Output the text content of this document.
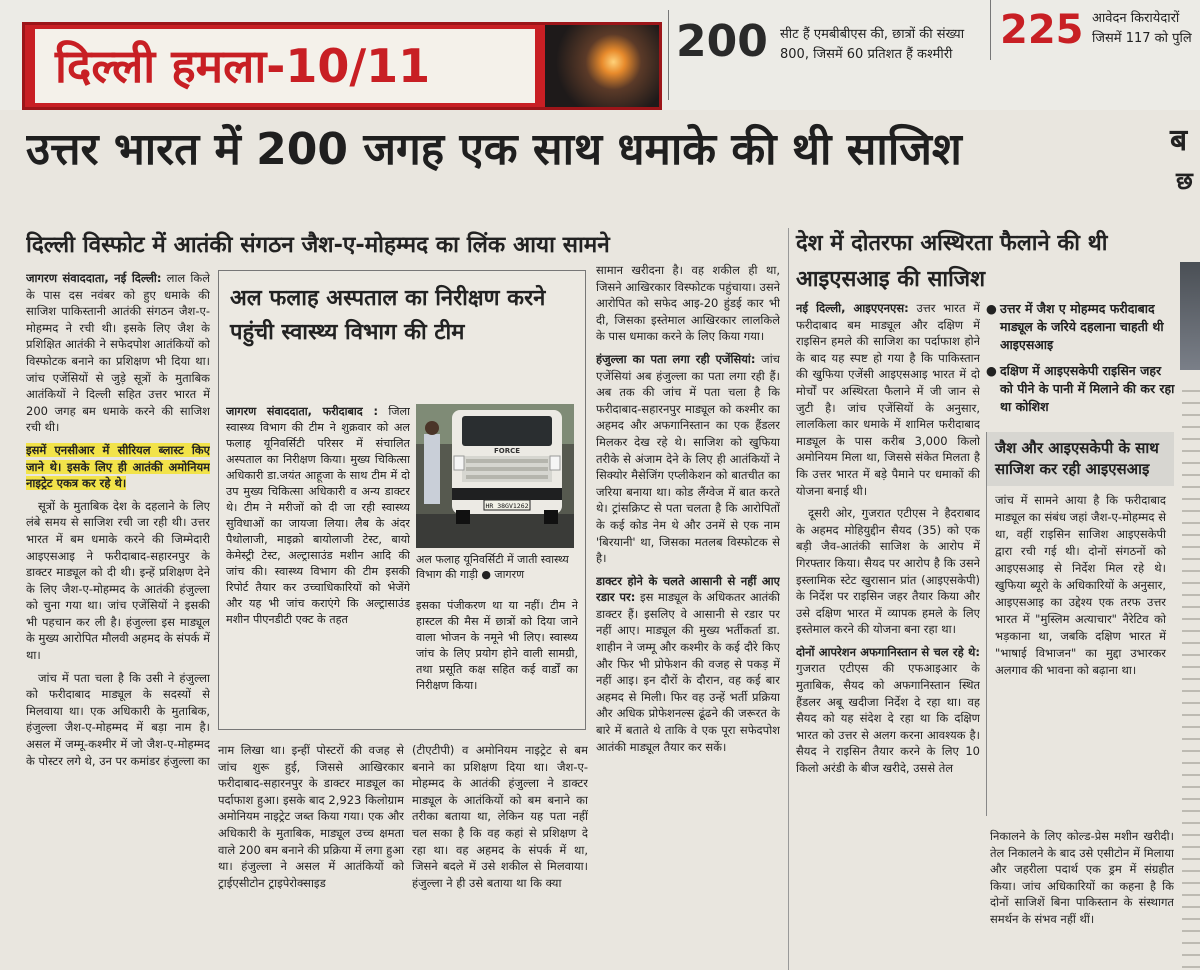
दिल्ली हमला-10/11	200 सीट हैं एमबीबीएस की, छात्रों की संख्या
800, जिसमें 60 प्रतिशत हैं कश्मीरी
225 आवेदन किरायेदारों
जिसमें 117 को पुलि
उत्तर भारत में 200 जगह एक साथ धमाके की थी साजिश	ब
छ
दिल्ली विस्फोट में आतंकी संगठन जैश-ए-मोहम्मद का लिंक आया सामने
जागरण संवाददाता, नई दिल्ली: लाल किले के पास दस नवंबर को हुए धमाके की साजिश पाकिस्तानी आतंकी संगठन जैश-ए-मोहम्मद ने रची थी। इसके लिए जैश के प्रशिक्षित आतंकी ने सफेदपोश आतंकियों को विस्फोटक बनाने का प्रशिक्षण भी दिया था। जांच एजेंसियों से जुड़े सूत्रों के मुताबिक आतंकियों ने दिल्ली सहित उत्तर भारत में 200 जगह बम धमाके करने की साजिश रची थी।
इसमें एनसीआर में सीरियल ब्लास्ट किए जाने थे। इसके लिए ही आतंकी अमोनियम नाइट्रेट एकत्र कर रहे थे।
सूत्रों के मुताबिक देश के दहलाने के लिए लंबे समय से साजिश रची जा रही थी। उत्तर भारत में बम धमाके करने की जिम्मेदारी आइएसआइ ने फरीदाबाद-सहारनपुर के डाक्टर माड्यूल को दी थी। इन्हें प्रशिक्षण देने के लिए जैश-ए-मोहम्मद के आतंकी हंजुल्ला को चुना गया था। जांच एजेंसियों ने इसकी भी पहचान कर ली है। हंजुल्ला इस माड्यूल के मुख्य आरोपित मौलवी अहमद के संपर्क में था।
जांच में पता चला है कि उसी ने हंजुल्ला को फरीदाबाद माड्यूल के सदस्यों से मिलवाया था। एक अधिकारी के मुताबिक, हंजुल्ला जैश-ए-मोहम्मद में बड़ा नाम है। असल में जम्मू-कश्मीर में जो जैश-ए-मोहम्मद के पोस्टर लगे थे, उन पर कमांडर हंजुल्ला का
अल फलाह अस्पताल का निरीक्षण करने पहुंची स्वास्थ्य विभाग की टीम
जागरण संवाददाता, फरीदाबाद : जिला स्वास्थ्य विभाग की टीम ने शुक्रवार को अल फलाह यूनिवर्सिटी परिसर में संचालित अस्पताल का निरीक्षण किया। मुख्य चिकित्सा अधिकारी डा.जयंत आहूजा के साथ टीम में दो उप मुख्य चिकित्सा अधिकारी व अन्य डाक्टर थे। टीम ने मरीजों को दी जा रही स्वास्थ्य सुविधाओं का जायजा लिया। लैब के अंदर पैथोलाजी, माइक्रो बायोलाजी टेस्ट, बायो केमेस्ट्री टेस्ट, अल्ट्रासाउंड मशीन आदि की जांच की। स्वास्थ्य विभाग की टीम इसकी रिपोर्ट तैयार कर उच्चाधिकारियों को भेजेंगे और यह भी जांच कराएंगे कि अल्ट्रासाउंड मशीन पीएनडीटी एक्ट के तहत
HR 38GV1262
FORCE
अल फलाह यूनिवर्सिटी में जाती स्वास्थ्य विभाग की गाड़ी ● जागरण
इसका पंजीकरण था या नहीं। टीम ने हास्टल की मैस में छात्रों को दिया जाने वाला भोजन के नमूने भी लिए। स्वास्थ्य जांच के लिए प्रयोग होने वाली सामग्री, तथा प्रसूति कक्ष सहित कई वार्डों का निरीक्षण किया।
नाम लिखा था। इन्हीं पोस्टरों की वजह से जांच शुरू हुई, जिससे आखिरकार फरीदाबाद-सहारनपुर के डाक्टर माड्यूल का पर्दाफाश हुआ। इसके बाद 2,923 किलोग्राम अमोनियम नाइट्रेट जब्त किया गया। एक और अधिकारी के मुताबिक, माड्यूल उच्च क्षमता वाले 200 बम बनाने की प्रक्रिया में लगा हुआ था। हंजुल्ला ने असल में आतंकियों को ट्राईएसीटोन ट्राइपेरोक्साइड
(टीएटीपी) व अमोनियम नाइट्रेट से बम बनाने का प्रशिक्षण दिया था। जैश-ए-मोहम्मद के आतंकी हंजुल्ला ने डाक्टर माड्यूल के आतंकियों को बम बनाने का तरीका बताया था, लेकिन यह पता नहीं चल सका है कि वह कहां से प्रशिक्षण दे रहा था। वह अहमद के संपर्क में था, जिसने बदले में उसे शकील से मिलवाया। हंजुल्ला ने ही उसे बताया था कि क्या
सामान खरीदना है। वह शकील ही था, जिसने आखिरकार विस्फोटक पहुंचाया। उसने आरोपित को सफेद आइ-20 हुंडई कार भी दी, जिसका इस्तेमाल आखिरकार लालकिले के पास धमाका करने के लिए किया गया।
हंजुल्ला का पता लगा रही एजेंसियां: जांच एजेंसियां अब हंजुल्ला का पता लगा रही हैं। अब तक की जांच में पता चला है कि फरीदाबाद-सहारनपुर माड्यूल को कश्मीर का अहमद और अफगानिस्तान का एक हैंडलर मिलकर देख रहे थे। साजिश को खुफिया तरीके से अंजाम देने के लिए ही आतंकियों ने सिक्योर मैसेजिंग एप्लीकेशन को बातचीत का जरिया बनाया था। कोड लैंग्वेज में बात करते थे। ट्रांसक्रिप्ट से पता चलता है कि आरोपितों के कई कोड नेम थे और उनमें से एक नाम 'बिरयानी' था, जिसका मतलब विस्फोटक से है।
डाक्टर होने के चलते आसानी से नहीं आए रडार पर: इस माड्यूल के अधिकतर आतंकी डाक्टर हैं। इसलिए वे आसानी से रडार पर नहीं आए। माड्यूल की मुख्य भर्तीकर्ता डा. शाहीन ने जम्मू और कश्मीर के कई दौरे किए और फिर भी प्रोफेशन की वजह से पकड़ में नहीं आइ। इन दौरों के दौरान, वह कई बार अहमद से मिली। फिर वह उन्हें भर्ती प्रक्रिया और अधिक प्रोफेशनल्स ढूंढने की जरूरत के बारे में बताते थे ताकि वे एक पूरा सफेदपोश आतंकी माड्यूल तैयार कर सकें।
देश में दोतरफा अस्थिरता फैलाने की थी आइएसआइ की साजिश
नई दिल्ली, आइएएनएस: उत्तर भारत में फरीदाबाद बम माड्यूल और दक्षिण में राइसिन हमले की साजिश का पर्दाफाश होने के बाद यह स्पष्ट हो गया है कि पाकिस्तान की खुफिया एजेंसी आइएसआइ भारत में दो मोर्चों पर अस्थिरता फैलाने में जी जान से जुटी है। जांच एजेंसियों के अनुसार, लालकिला कार धमाके में शामिल फरीदाबाद माड्यूल के पास करीब 3,000 किलो अमोनियम मिला था, जिससे संकेत मिलता है कि उत्तर भारत में बड़े पैमाने पर धमाकों की योजना बनाई थी।
दूसरी ओर, गुजरात एटीएस ने हैदराबाद के अहमद मोहियुद्दीन सैयद (35) को एक बड़ी जैव-आतंकी साजिश के आरोप में गिरफ्तार किया। सैयद पर आरोप है कि उसने इस्लामिक स्टेट खुरासान प्रांत (आइएसकेपी) के निर्देश पर राइसिन जहर तैयार किया और उसे दक्षिण भारत में व्यापक हमले के लिए इस्तेमाल करने की योजना बना रहा था।
दोनों आपरेशन अफगानिस्तान से चल रहे थे: गुजरात एटीएस की एफआइआर के मुताबिक, सैयद को अफगानिस्तान स्थित हैंडलर अबू खदीजा निर्देश दे रहा था। वह सैयद को यह संदेश दे रहा था कि दक्षिण भारत को उत्तर से अलग करना आवश्यक है। सैयद ने राइसिन तैयार करने के लिए 10 किलो अरंडी के बीज खरीदे, उससे तेल
● उत्तर में जैश ए मोहम्मद फरीदाबाद माड्यूल के जरिये दहलाना चाहती थी आइएसआइ
● दक्षिण में आइएसकेपी राइसिन जहर को पीने के पानी में मिलाने की कर रहा था कोशिश
जैश और आइएसकेपी के साथ साजिश कर रही आइएसआइ
जांच में सामने आया है कि फरीदाबाद माड्यूल का संबंध जहां जैश-ए-मोहम्मद से था, वहीं राइसिन साजिश आइएसकेपी द्वारा रची गई थी। दोनों संगठनों को आइएसआइ से निर्देश मिल रहे थे। खुफिया ब्यूरो के अधिकारियों के अनुसार, आइएसआइ का उद्देश्य एक तरफ उत्तर भारत में "मुस्लिम अत्याचार" नैरेटिव को भड़काना था, जबकि दक्षिण भारत में "भाषाई विभाजन" का मुद्दा उभारकर अलगाव की भावना को बढ़ाना था।
निकालने के लिए कोल्ड-प्रेस मशीन खरीदी। तेल निकालने के बाद उसे एसीटोन में मिलाया और जहरीला पदार्थ एक ड्रम में संग्रहीत किया। जांच अधिकारियों का कहना है कि दोनों साजिशें बिना पाकिस्तान के संस्थागत समर्थन के संभव नहीं थीं।
